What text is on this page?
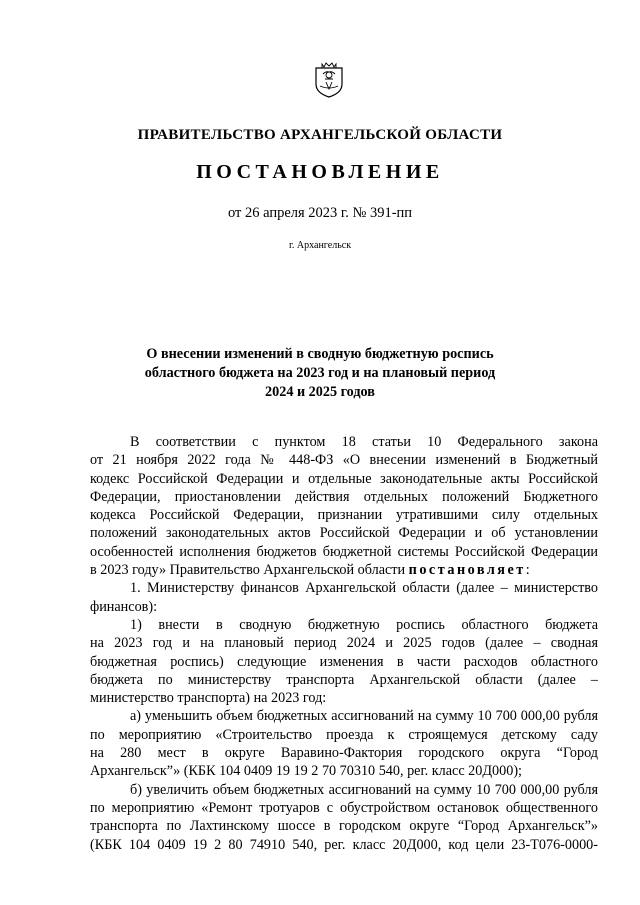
ПРАВИТЕЛЬСТВО АРХАНГЕЛЬСКОЙ ОБЛАСТИ
ПОСТАНОВЛЕНИЕ
от 26 апреля 2023 г. № 391-пп
г. Архангельск
О внесении изменений в сводную бюджетную роспись
областного бюджета на 2023 год и на плановый период
2024 и 2025 годов
В соответствии с пунктом 18 статьи 10 Федерального закона
от 21 ноября 2022 года № 448-ФЗ «О внесении изменений в Бюджетный
кодекс Российской Федерации и отдельные законодательные акты Российской
Федерации, приостановлении действия отдельных положений Бюджетного
кодекса Российской Федерации, признании утратившими силу отдельных
положений законодательных актов Российской Федерации и об установлении
особенностей исполнения бюджетов бюджетной системы Российской Федерации
в 2023 году» Правительство Архангельской области постановляет:
1. Министерству финансов Архангельской области (далее – министерство
финансов):
1) внести в сводную бюджетную роспись областного бюджета
на 2023 год и на плановый период 2024 и 2025 годов (далее – сводная
бюджетная роспись) следующие изменения в части расходов областного
бюджета по министерству транспорта Архангельской области (далее –
министерство транспорта) на 2023 год:
а) уменьшить объем бюджетных ассигнований на сумму 10 700 000,00 рубля
по мероприятию «Строительство проезда к строящемуся детскому саду
на 280 мест в округе Варавино-Фактория городского округа “Город
Архангельск”» (КБК 104 0409 19 19 2 70 70310 540, рег. класс 20Д000);
б) увеличить объем бюджетных ассигнований на сумму 10 700 000,00 рубля
по мероприятию «Ремонт тротуаров с обустройством остановок общественного
транспорта по Лахтинскому шоссе в городском округе “Город Архангельск”»
(КБК 104 0409 19 2 80 74910 540, рег. класс 20Д000, код цели 23-Т076-0000-
